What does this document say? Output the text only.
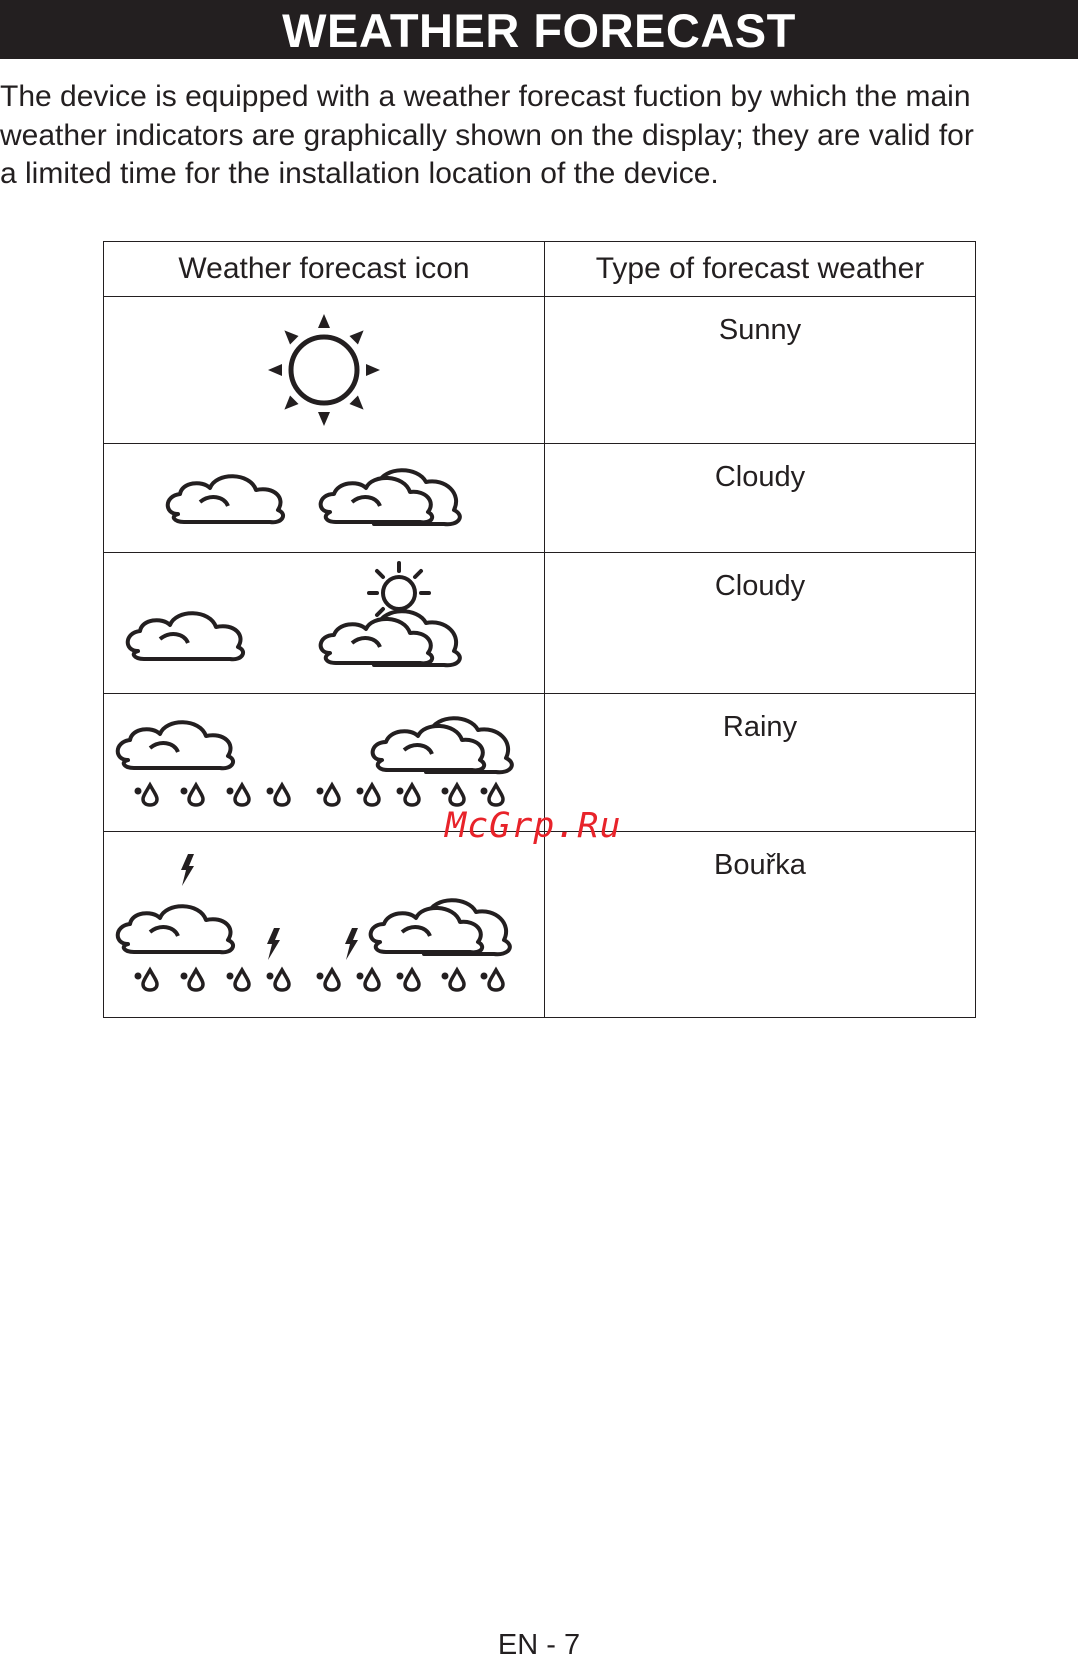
WEATHER FORECAST
The device is equipped with a weather forecast fuction by which the main
weather indicators are graphically shown on the display; they are valid for
a limited time for the installation location of the device.
Weather forecast icon	Type of forecast weather

Sunny

Cloudy

Cloudy

Rainy

Bouřka
McGrp.Ru
EN - 7
